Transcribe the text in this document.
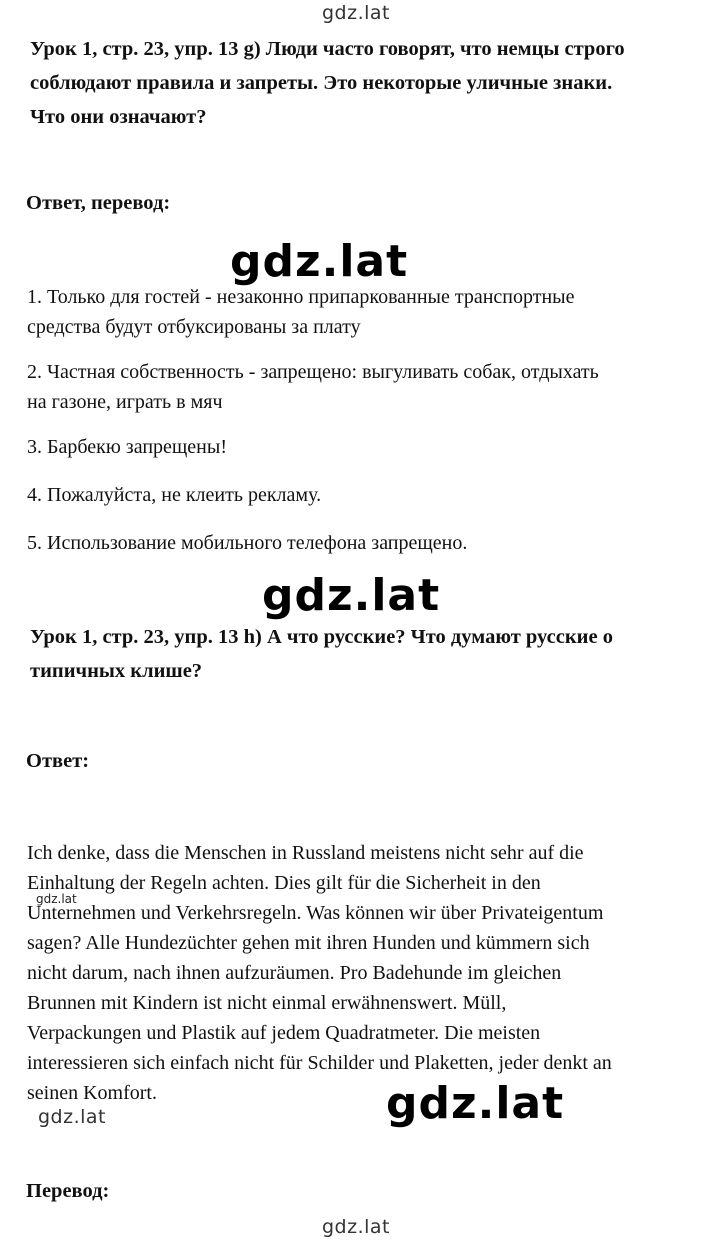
gdz.lat

Урок 1, стр. 23, упр. 13 g) Люди часто говорят, что немцы строго

соблюдают правила и запреты. Это некоторые уличные знаки.

Что они означают?

Ответ, перевод:
gdz.lat

1. Только для гостей - незаконно припаркованные транспортные

средства будут отбуксированы за плату

2. Частная собственность - запрещено: выгуливать собак, отдыхать

на газоне, играть в мяч

3. Барбекю запрещены!
4. Пожалуйста, не клеить рекламу.
5. Использование мобильного телефона запрещено.
gdz.lat

Урок 1, стр. 23, упр. 13 h) А что русские? Что думают русские о

типичных клише?

Ответ:

Ich denke, dass die Menschen in Russland meistens nicht sehr auf die

Einhaltung der Regeln achten. Dies gilt für die Sicherheit in den

Unternehmen und Verkehrsregeln. Was können wir über Privateigentum

sagen? Alle Hundezüchter gehen mit ihren Hunden und kümmern sich

nicht darum, nach ihnen aufzuräumen. Pro Badehunde im gleichen

Brunnen mit Kindern ist nicht einmal erwähnenswert. Müll,

Verpackungen und Plastik auf jedem Quadratmeter. Die meisten

interessieren sich einfach nicht für Schilder und Plaketten, jeder denkt an

seinen Komfort.

gdz.lat
gdz.lat
gdz.lat
Перевод:
gdz.lat
